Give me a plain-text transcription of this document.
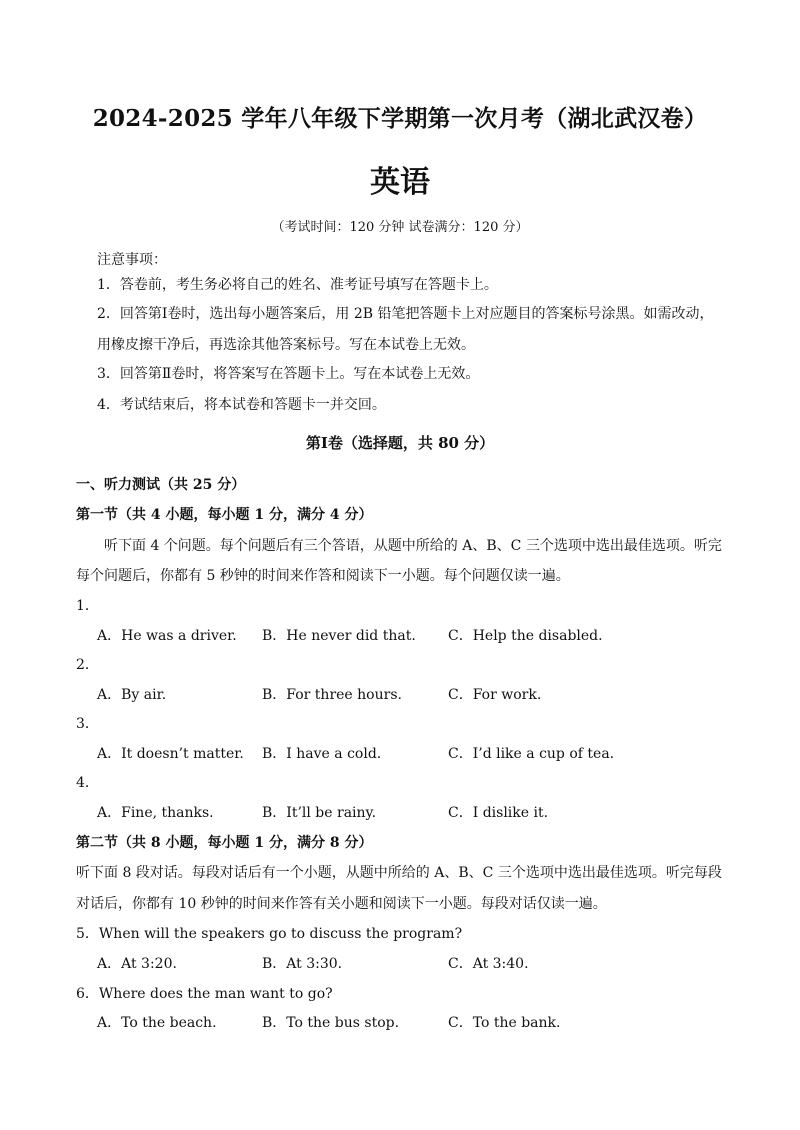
2024-2025 学年八年级下学期第一次月考（湖北武汉卷）
英语
（考试时间：120 分钟 试卷满分：120 分）
注意事项：
1．答卷前，考生务必将自己的姓名、准考证号填写在答题卡上。
2．回答第Ⅰ卷时，选出每小题答案后，用 2B 铅笔把答题卡上对应题目的答案标号涂黑。如需改动，
用橡皮擦干净后，再选涂其他答案标号。写在本试卷上无效。
3．回答第Ⅱ卷时，将答案写在答题卡上。写在本试卷上无效。
4．考试结束后，将本试卷和答题卡一并交回。
第Ⅰ卷（选择题，共 80 分）
一、听力测试（共 25 分）
第一节（共 4 小题，每小题 1 分，满分 4 分）
听下面 4 个问题。每个问题后有三个答语，从题中所给的 A、B、C 三个选项中选出最佳选项。听完
每个问题后，你都有 5 秒钟的时间来作答和阅读下一小题。每个问题仅读一遍。
1．
A．He was a driver. B．He never did that. C．Help the disabled.
2．
A．By air.	B．For three hours.	C．For work.
3．
A．It doesn’t matter. B．I have a cold.	C．I’d like a cup of tea.
4．
A．Fine, thanks.	B．It’ll be rainy.	C．I dislike it.
第二节（共 8 小题，每小题 1 分，满分 8 分）
听下面 8 段对话。每段对话后有一个小题，从题中所给的 A、B、C 三个选项中选出最佳选项。听完每段
对话后，你都有 10 秒钟的时间来作答有关小题和阅读下一小题。每段对话仅读一遍。
5．When will the speakers go to discuss the program?
A．At 3:20.	B．At 3:30.	C．At 3:40.
6．Where does the man want to go?
A．To the beach.	B．To the bus stop.	C．To the bank.
